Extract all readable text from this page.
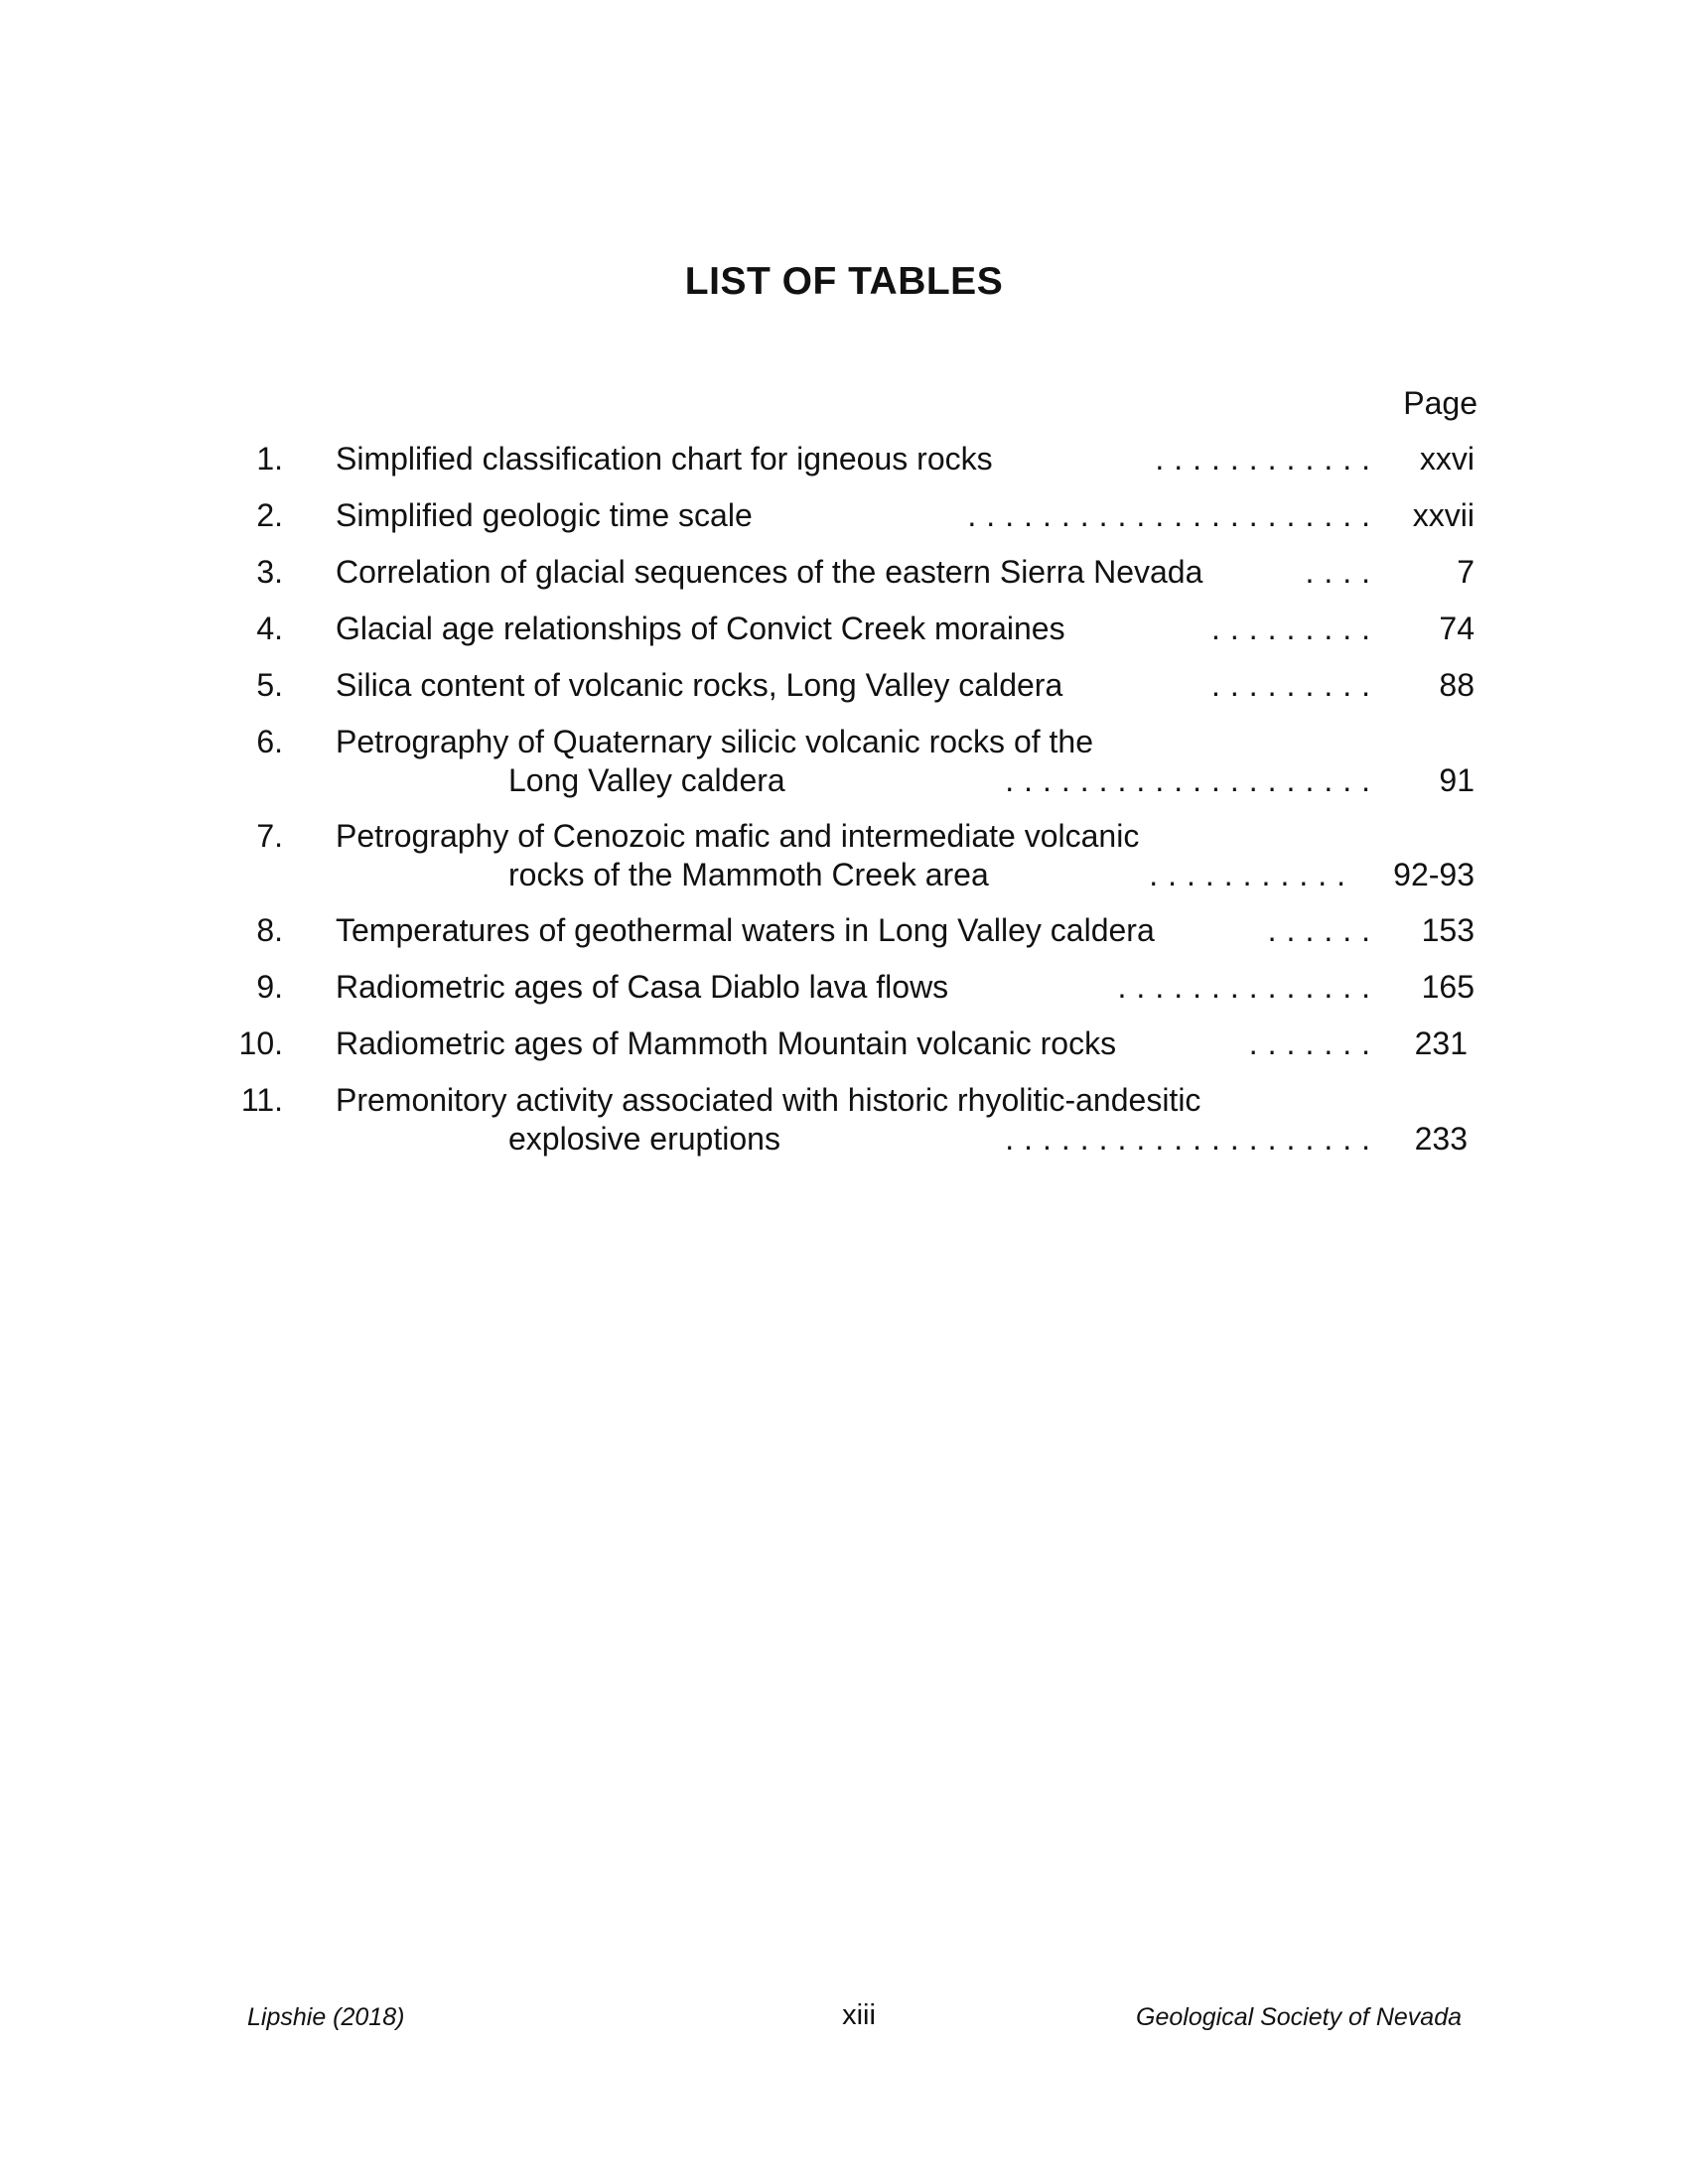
LIST OF TABLES
Page
1. Simplified classification chart for igneous rocks	............ xxvi
2. Simplified geologic time scale	...................... xxvii
3. Correlation of glacial sequences of the eastern Sierra Nevada	.... 7
4. Glacial age relationships of Convict Creek moraines	......... 74
5. Silica content of volcanic rocks, Long Valley caldera	......... 88
6. Petrography of Quaternary silicic volcanic rocks of the
Long Valley caldera	.................... 91
7. Petrography of Cenozoic mafic and intermediate volcanic
rocks of the Mammoth Creek area	........... 92-93
8. Temperatures of geothermal waters in Long Valley caldera	...... 153
9. Radiometric ages of Casa Diablo lava flows	.............. 165
10. Radiometric ages of Mammoth Mountain volcanic rocks	....... 231
11. Premonitory activity associated with historic rhyolitic-andesitic
explosive eruptions	.................... 233
Lipshie (2018)	xiii	Geological Society of Nevada
